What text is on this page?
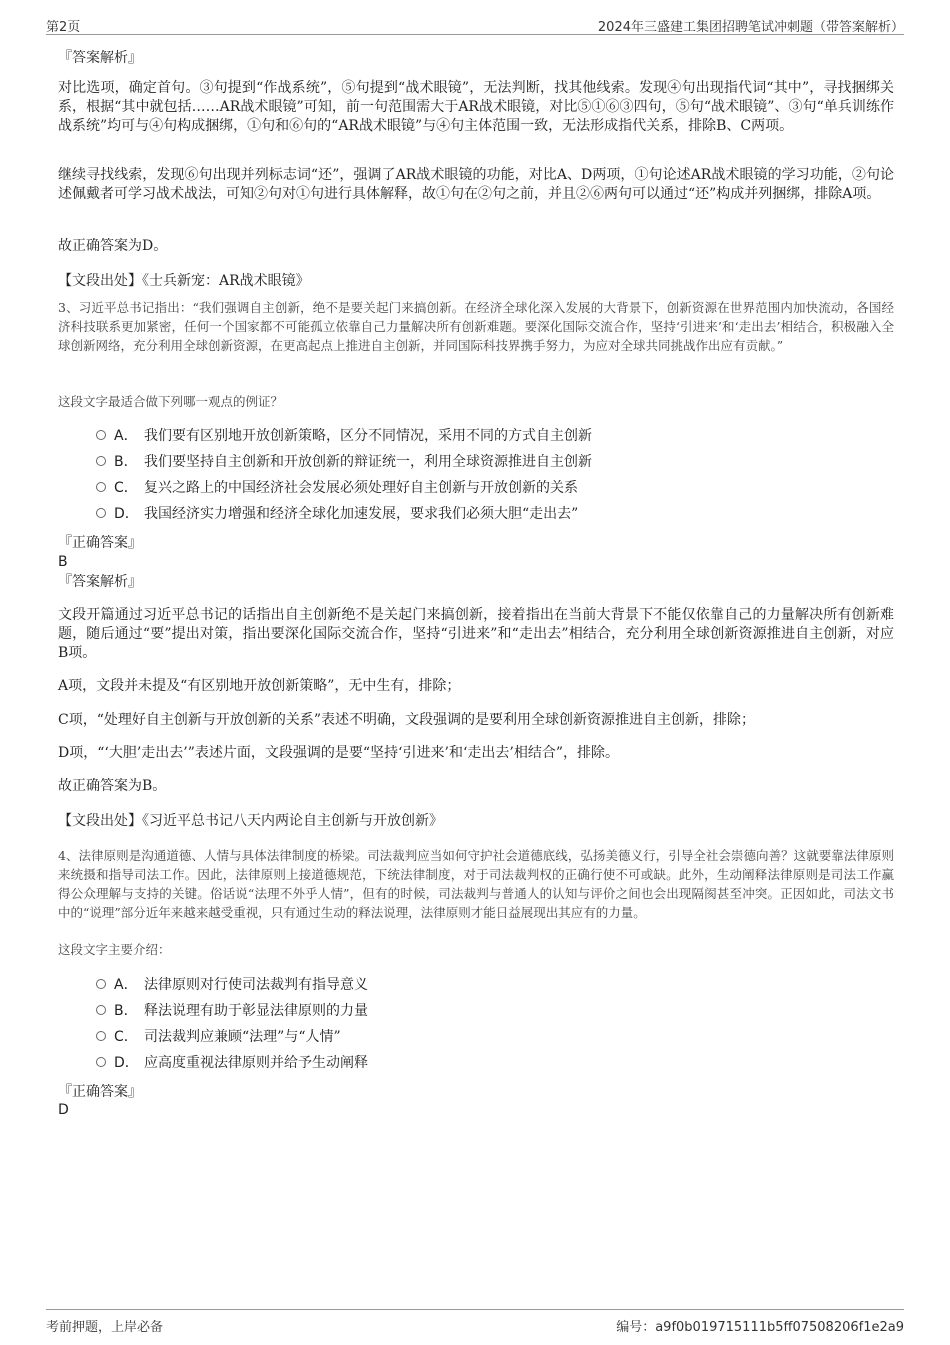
第2页	2024年三盛建工集团招聘笔试冲刺题（带答案解析）
『答案解析』
对比选项，确定首句。③句提到“作战系统”，⑤句提到“战术眼镜”，无法判断，找其他线索。发现④句出现指代词“其中”，寻找捆绑关系，根据“其中就包括……AR战术眼镜”可知，前一句范围需大于AR战术眼镜，对比⑤①⑥③四句，⑤句“战术眼镜”、③句“单兵训练作战系统”均可与④句构成捆绑，①句和⑥句的“AR战术眼镜”与④句主体范围一致，无法形成指代关系，排除B、C两项。
继续寻找线索，发现⑥句出现并列标志词“还”，强调了AR战术眼镜的功能，对比A、D两项，①句论述AR战术眼镜的学习功能，②句论述佩戴者可学习战术战法，可知②句对①句进行具体解释，故①句在②句之前，并且②⑥两句可以通过“还”构成并列捆绑，排除A项。
故正确答案为D。
【文段出处】《士兵新宠：AR战术眼镜》
3、习近平总书记指出：“我们强调自主创新，绝不是要关起门来搞创新。在经济全球化深入发展的大背景下，创新资源在世界范围内加快流动，各国经济科技联系更加紧密，任何一个国家都不可能孤立依靠自己力量解决所有创新难题。要深化国际交流合作，坚持‘引进来’和‘走出去’相结合，积极融入全球创新网络，充分利用全球创新资源，在更高起点上推进自主创新，并同国际科技界携手努力，为应对全球共同挑战作出应有贡献。”
这段文字最适合做下列哪一观点的例证？
A． 我们要有区别地开放创新策略，区分不同情况，采用不同的方式自主创新
B． 我们要坚持自主创新和开放创新的辩证统一，利用全球资源推进自主创新
C． 复兴之路上的中国经济社会发展必须处理好自主创新与开放创新的关系
D． 我国经济实力增强和经济全球化加速发展，要求我们必须大胆“走出去”
『正确答案』
B
『答案解析』
文段开篇通过习近平总书记的话指出自主创新绝不是关起门来搞创新，接着指出在当前大背景下不能仅依靠自己的力量解决所有创新难题，随后通过“要”提出对策，指出要深化国际交流合作，坚持“引进来”和“走出去”相结合，充分利用全球创新资源推进自主创新，对应B项。
A项，文段并未提及“有区别地开放创新策略”，无中生有，排除；
C项，“处理好自主创新与开放创新的关系”表述不明确，文段强调的是要利用全球创新资源推进自主创新，排除；
D项，“‘大胆’走出去’”表述片面，文段强调的是要“坚持‘引进来’和‘走出去’相结合”，排除。
故正确答案为B。
【文段出处】《习近平总书记八天内两论自主创新与开放创新》
4、法律原则是沟通道德、人情与具体法律制度的桥梁。司法裁判应当如何守护社会道德底线，弘扬美德义行，引导全社会崇德向善？这就要靠法律原则来统摄和指导司法工作。因此，法律原则上接道德规范，下统法律制度，对于司法裁判权的正确行使不可或缺。此外，生动阐释法律原则是司法工作赢得公众理解与支持的关键。俗话说“法理不外乎人情”，但有的时候，司法裁判与普通人的认知与评价之间也会出现隔阂甚至冲突。正因如此，司法文书中的“说理”部分近年来越来越受重视，只有通过生动的释法说理，法律原则才能日益展现出其应有的力量。
这段文字主要介绍：
A． 法律原则对行使司法裁判有指导意义
B． 释法说理有助于彰显法律原则的力量
C． 司法裁判应兼顾“法理”与“人情”
D． 应高度重视法律原则并给予生动阐释
『正确答案』
D
考前押题，上岸必备	编号：a9f0b019715111b5ff07508206f1e2a9
